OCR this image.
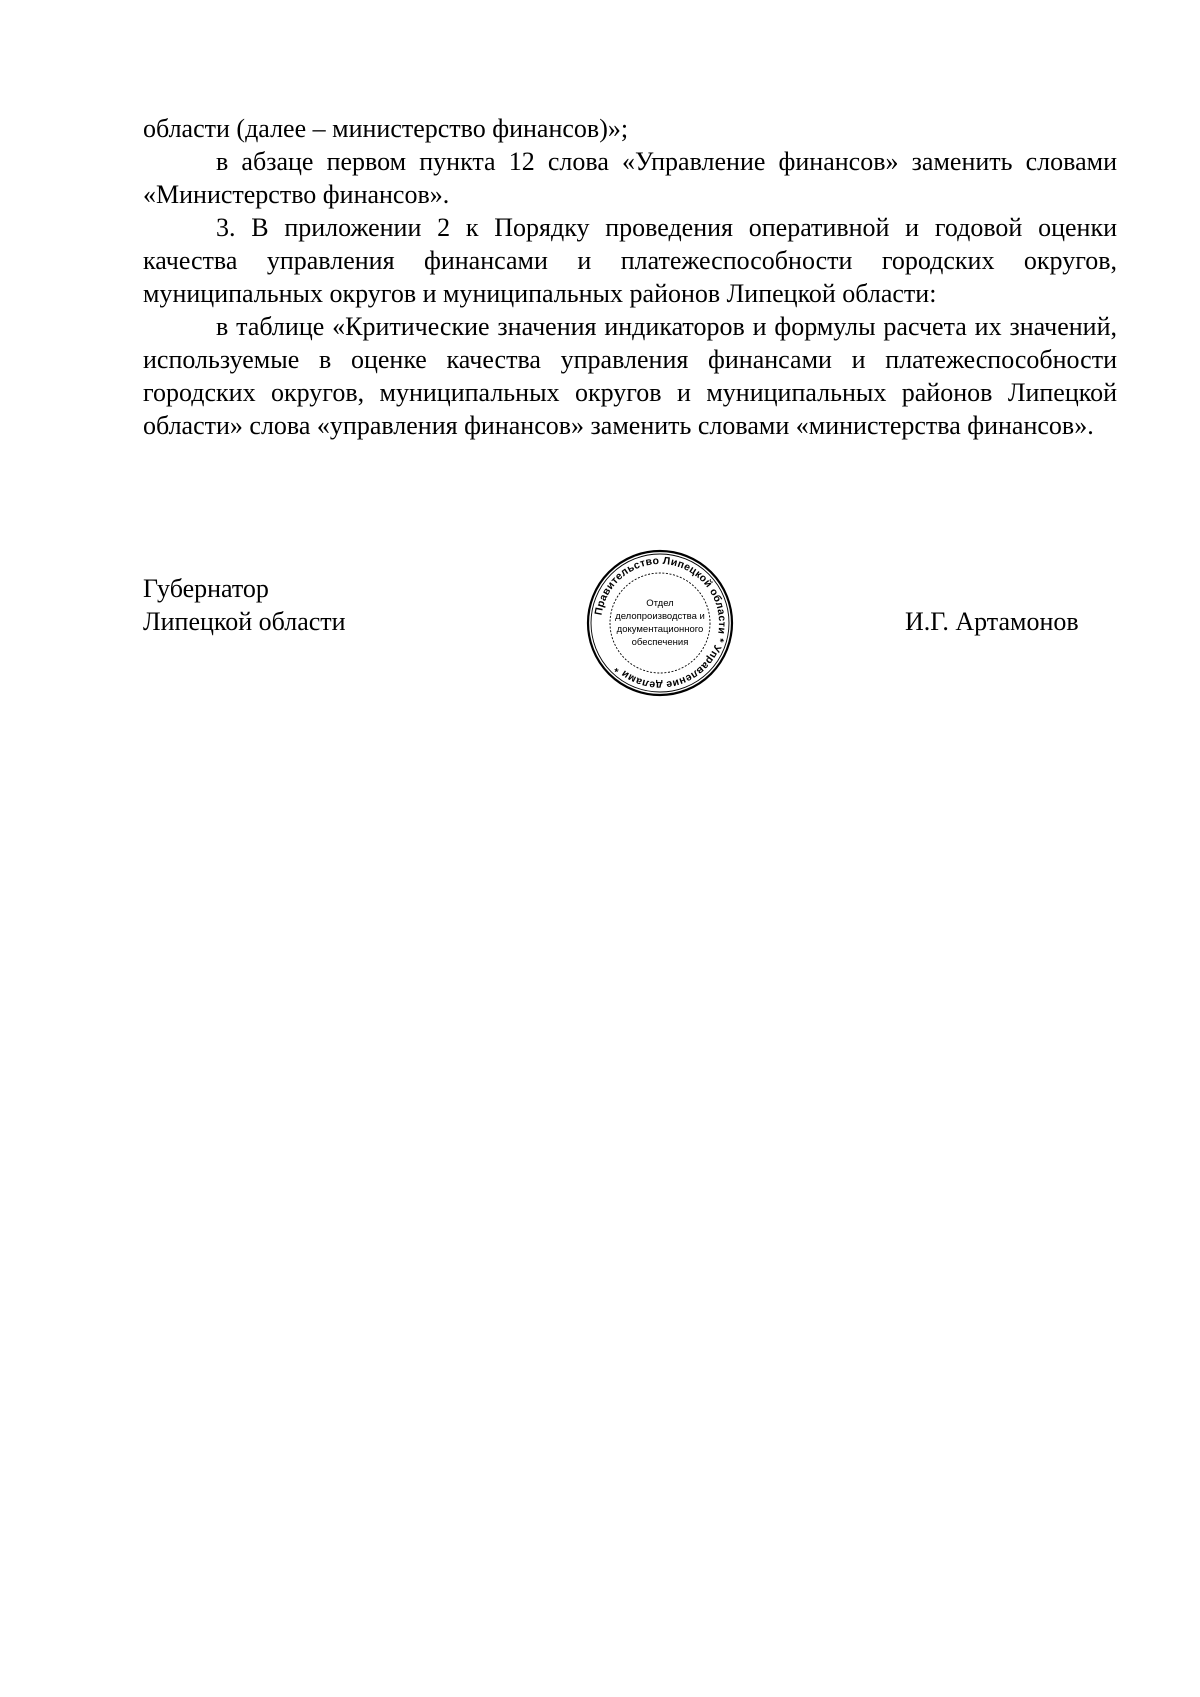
области (далее – министерство финансов)»;

в абзаце первом пункта 12 слова «Управление финансов» заменить словами «Министерство финансов».

3. В приложении 2 к Порядку проведения оперативной и годовой оценки качества управления финансами и платежеспособности городских округов, муниципальных округов и муниципальных районов Липецкой области:

в таблице «Критические значения индикаторов и формулы расчета их значений, используемые в оценке качества управления финансами и платежеспособности городских округов, муниципальных округов и муниципальных районов Липецкой области» слова «управления финансов» заменить словами «министерства финансов».

Губернатор
Липецкой области	Правительство Липецкой области * Управление делами *
Отдел
делопроизводства и
документационного
обеспечения
И.Г. Артамонов
